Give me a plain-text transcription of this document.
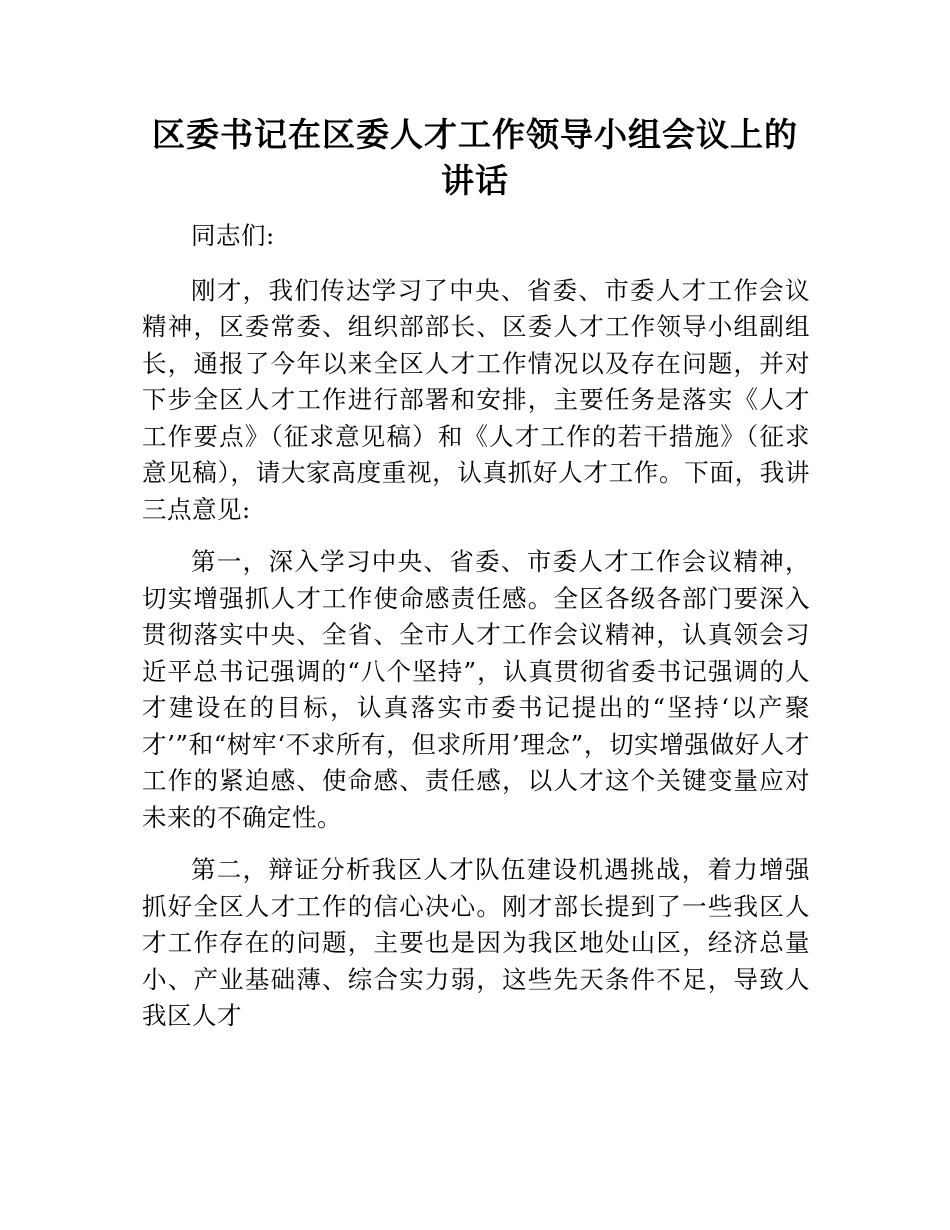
区委书记在区委人才工作领导小组会议上的讲话

同志们:

刚才，我们传达学习了中央、省委、市委人才工作会议精神，区委常委、组织部部长、区委人才工作领导小组副组长，通报了今年以来全区人才工作情况以及存在问题，并对下步全区人才工作进行部署和安排，主要任务是落实《人才工作要点》（征求意见稿）和《人才工作的若干措施》（征求意见稿），请大家高度重视，认真抓好人才工作。下面，我讲三点意见:

第一，深入学习中央、省委、市委人才工作会议精神，切实增强抓人才工作使命感责任感。全区各级各部门要深入贯彻落实中央、全省、全市人才工作会议精神，认真领会习近平总书记强调的“八个坚持”，认真贯彻省委书记强调的人才建设在的目标，认真落实市委书记提出的“坚持‘以产聚才’”和“树牢‘不求所有，但求所用’理念”，切实增强做好人才工作的紧迫感、使命感、责任感，以人才这个关键变量应对未来的不确定性。

第二，辩证分析我区人才队伍建设机遇挑战，着力增强抓好全区人才工作的信心决心。刚才部长提到了一些我区人才工作存在的问题，主要也是因为我区地处山区，经济总量小、产业基础薄、综合实力弱，这些先天条件不足，导致人我区人才
